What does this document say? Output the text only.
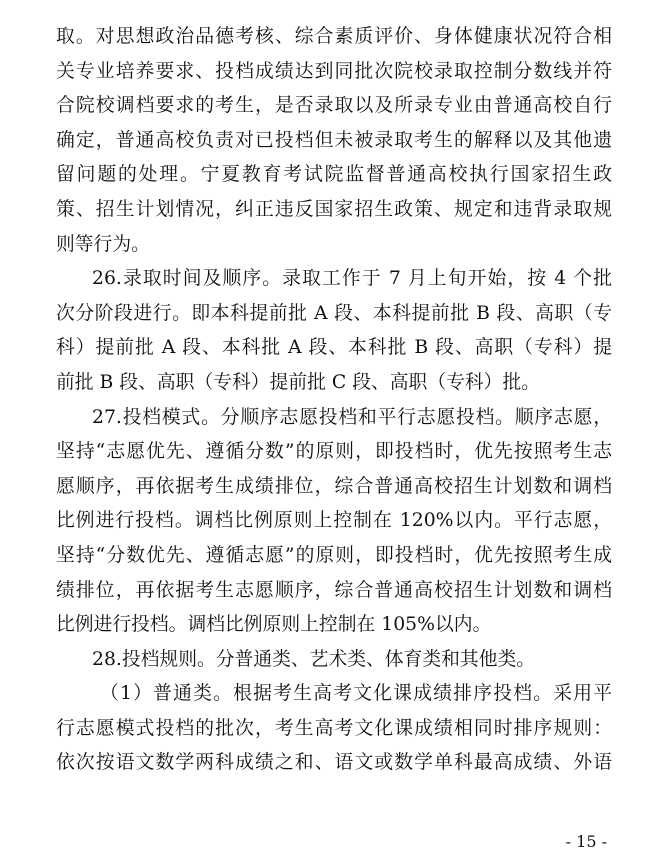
取。对思想政治品德考核、综合素质评价、身体健康状况符合相
关专业培养要求、投档成绩达到同批次院校录取控制分数线并符
合院校调档要求的考生，是否录取以及所录专业由普通高校自行
确定，普通高校负责对已投档但未被录取考生的解释以及其他遗
留问题的处理。宁夏教育考试院监督普通高校执行国家招生政
策、招生计划情况，纠正违反国家招生政策、规定和违背录取规
则等行为。
26.录取时间及顺序。录取工作于 7 月上旬开始，按 4 个批
次分阶段进行。即本科提前批 A 段、本科提前批 B 段、高职（专
科）提前批 A 段、本科批 A 段、本科批 B 段、高职（专科）提
前批 B 段、高职（专科）提前批 C 段、高职（专科）批。
27.投档模式。分顺序志愿投档和平行志愿投档。顺序志愿，
坚持“志愿优先、遵循分数”的原则，即投档时，优先按照考生志
愿顺序，再依据考生成绩排位，综合普通高校招生计划数和调档
比例进行投档。调档比例原则上控制在 120%以内。平行志愿，
坚持“分数优先、遵循志愿”的原则，即投档时，优先按照考生成
绩排位，再依据考生志愿顺序，综合普通高校招生计划数和调档
比例进行投档。调档比例原则上控制在 105%以内。
28.投档规则。分普通类、艺术类、体育类和其他类。
（1）普通类。根据考生高考文化课成绩排序投档。采用平
行志愿模式投档的批次，考生高考文化课成绩相同时排序规则：
依次按语文数学两科成绩之和、语文或数学单科最高成绩、外语
- 15 -
